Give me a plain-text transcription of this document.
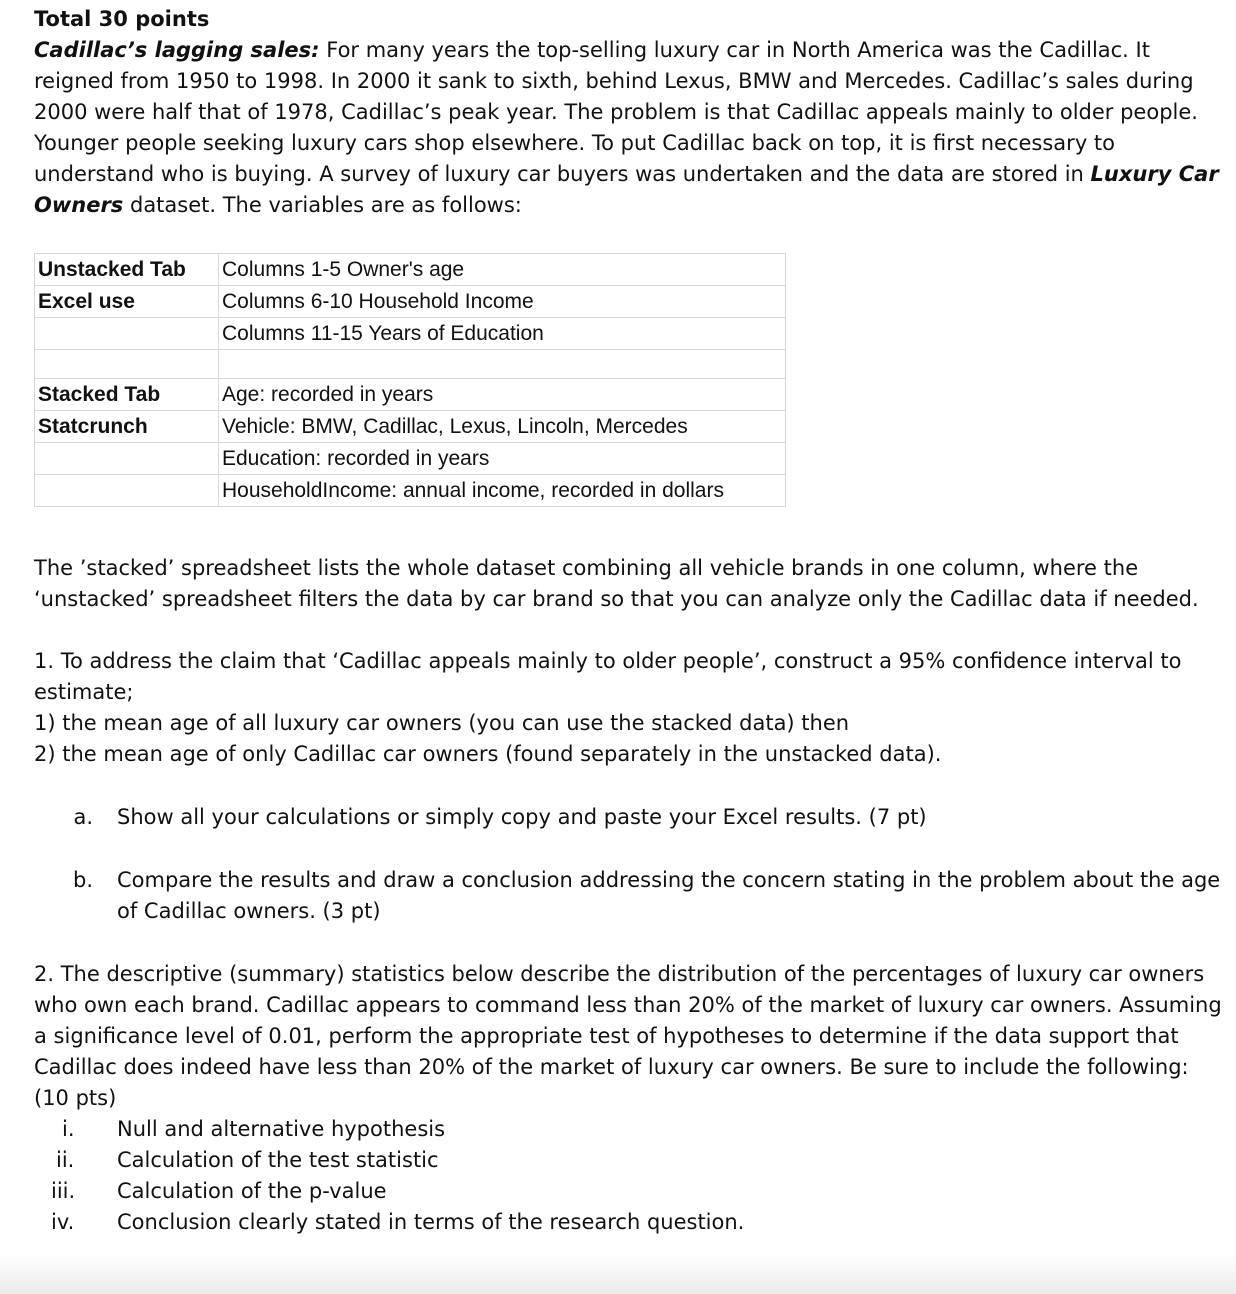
Total 30 points

Cadillac’s lagging sales: For many years the top-selling luxury car in North America was the Cadillac. It reigned from 1950 to 1998. In 2000 it sank to sixth, behind Lexus, BMW and Mercedes. Cadillac’s sales during 2000 were half that of 1978, Cadillac’s peak year. The problem is that Cadillac appeals mainly to older people. Younger people seeking luxury cars shop elsewhere. To put Cadillac back on top, it is first necessary to understand who is buying. A survey of luxury car buyers was undertaken and the data are stored in Luxury Car Owners dataset. The variables are as follows:

Unstacked Tab	Columns 1-5 Owner's age
Excel use	Columns 6-10 Household Income
	Columns 11-15 Years of Education

Stacked Tab	Age: recorded in years
Statcrunch	Vehicle: BMW, Cadillac, Lexus, Lincoln, Mercedes
	Education: recorded in years
	HouseholdIncome: annual income, recorded in dollars

The ’stacked’ spreadsheet lists the whole dataset combining all vehicle brands in one column, where the ‘unstacked’ spreadsheet filters the data by car brand so that you can analyze only the Cadillac data if needed.

1. To address the claim that ‘Cadillac appeals mainly to older people’, construct a 95% confidence interval to estimate;

1) the mean age of all luxury car owners (you can use the stacked data) then

2) the mean age of only Cadillac car owners (found separately in the unstacked data).

a.	Show all your calculations or simply copy and paste your Excel results. (7 pt)
b.	Compare the results and draw a conclusion addressing the concern stating in the problem about the age of Cadillac owners. (3 pt)

2. The descriptive (summary) statistics below describe the distribution of the percentages of luxury car owners who own each brand. Cadillac appears to command less than 20% of the market of luxury car owners. Assuming a significance level of 0.01, perform the appropriate test of hypotheses to determine if the data support that Cadillac does indeed have less than 20% of the market of luxury car owners. Be sure to include the following: (10 pts)

i.	Null and alternative hypothesis
ii.	Calculation of the test statistic
iii.	Calculation of the p-value
iv.	Conclusion clearly stated in terms of the research question.
